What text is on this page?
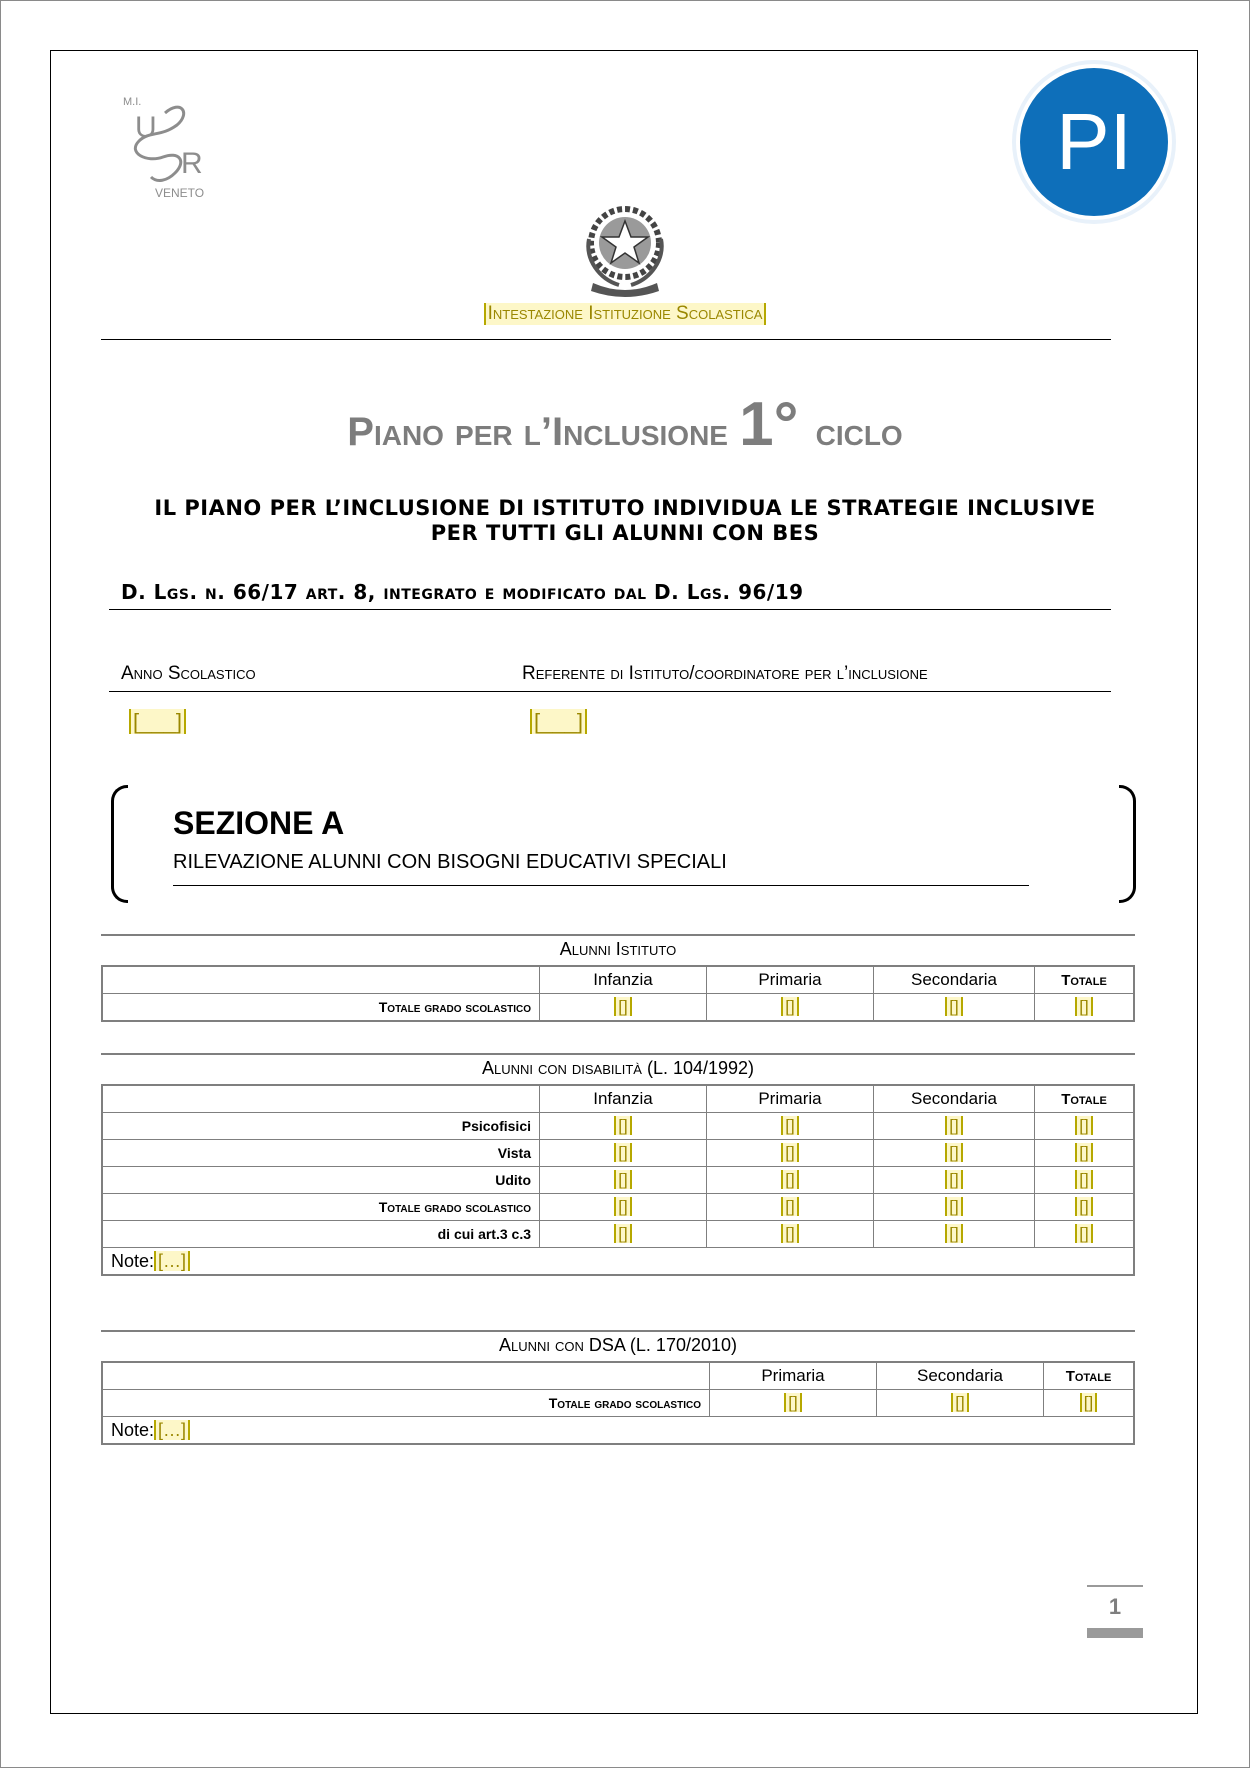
M.I.
U
R
VENETO
PI
Intestazione Istituzione Scolastica
Piano per l’Inclusione 1° ciclo
IL PIANO PER L’INCLUSIONE DI ISTITUTO INDIVIDUA LE STRATEGIE INCLUSIVE
PER TUTTI GLI ALUNNI CON BES
D. Lgs. n. 66/17 art. 8, integrato e modificato dal D. Lgs. 96/19
Anno Scolastico	Referente di Istituto/coordinatore per l’inclusione
[___]	[___]
SEZIONE A
RILEVAZIONE ALUNNI CON BISOGNI EDUCATIVI SPECIALI
Alunni Istituto
	Infanzia	Primaria	Secondaria	Totale
Totale grado scolastico	[]	[]	[]	[]
Alunni con disabilità (L. 104/1992)
	Infanzia	Primaria	Secondaria	Totale
Psicofisici	[]	[]	[]	[]
Vista	[]	[]	[]	[]
Udito	[]	[]	[]	[]
Totale grado scolastico	[]	[]	[]	[]
di cui art.3 c.3	[]	[]	[]	[]
Note: […]				
Alunni con DSA (L. 170/2010)
	Primaria	Secondaria	Totale
Totale grado scolastico	[]	[]	[]
Note: […]			
1
